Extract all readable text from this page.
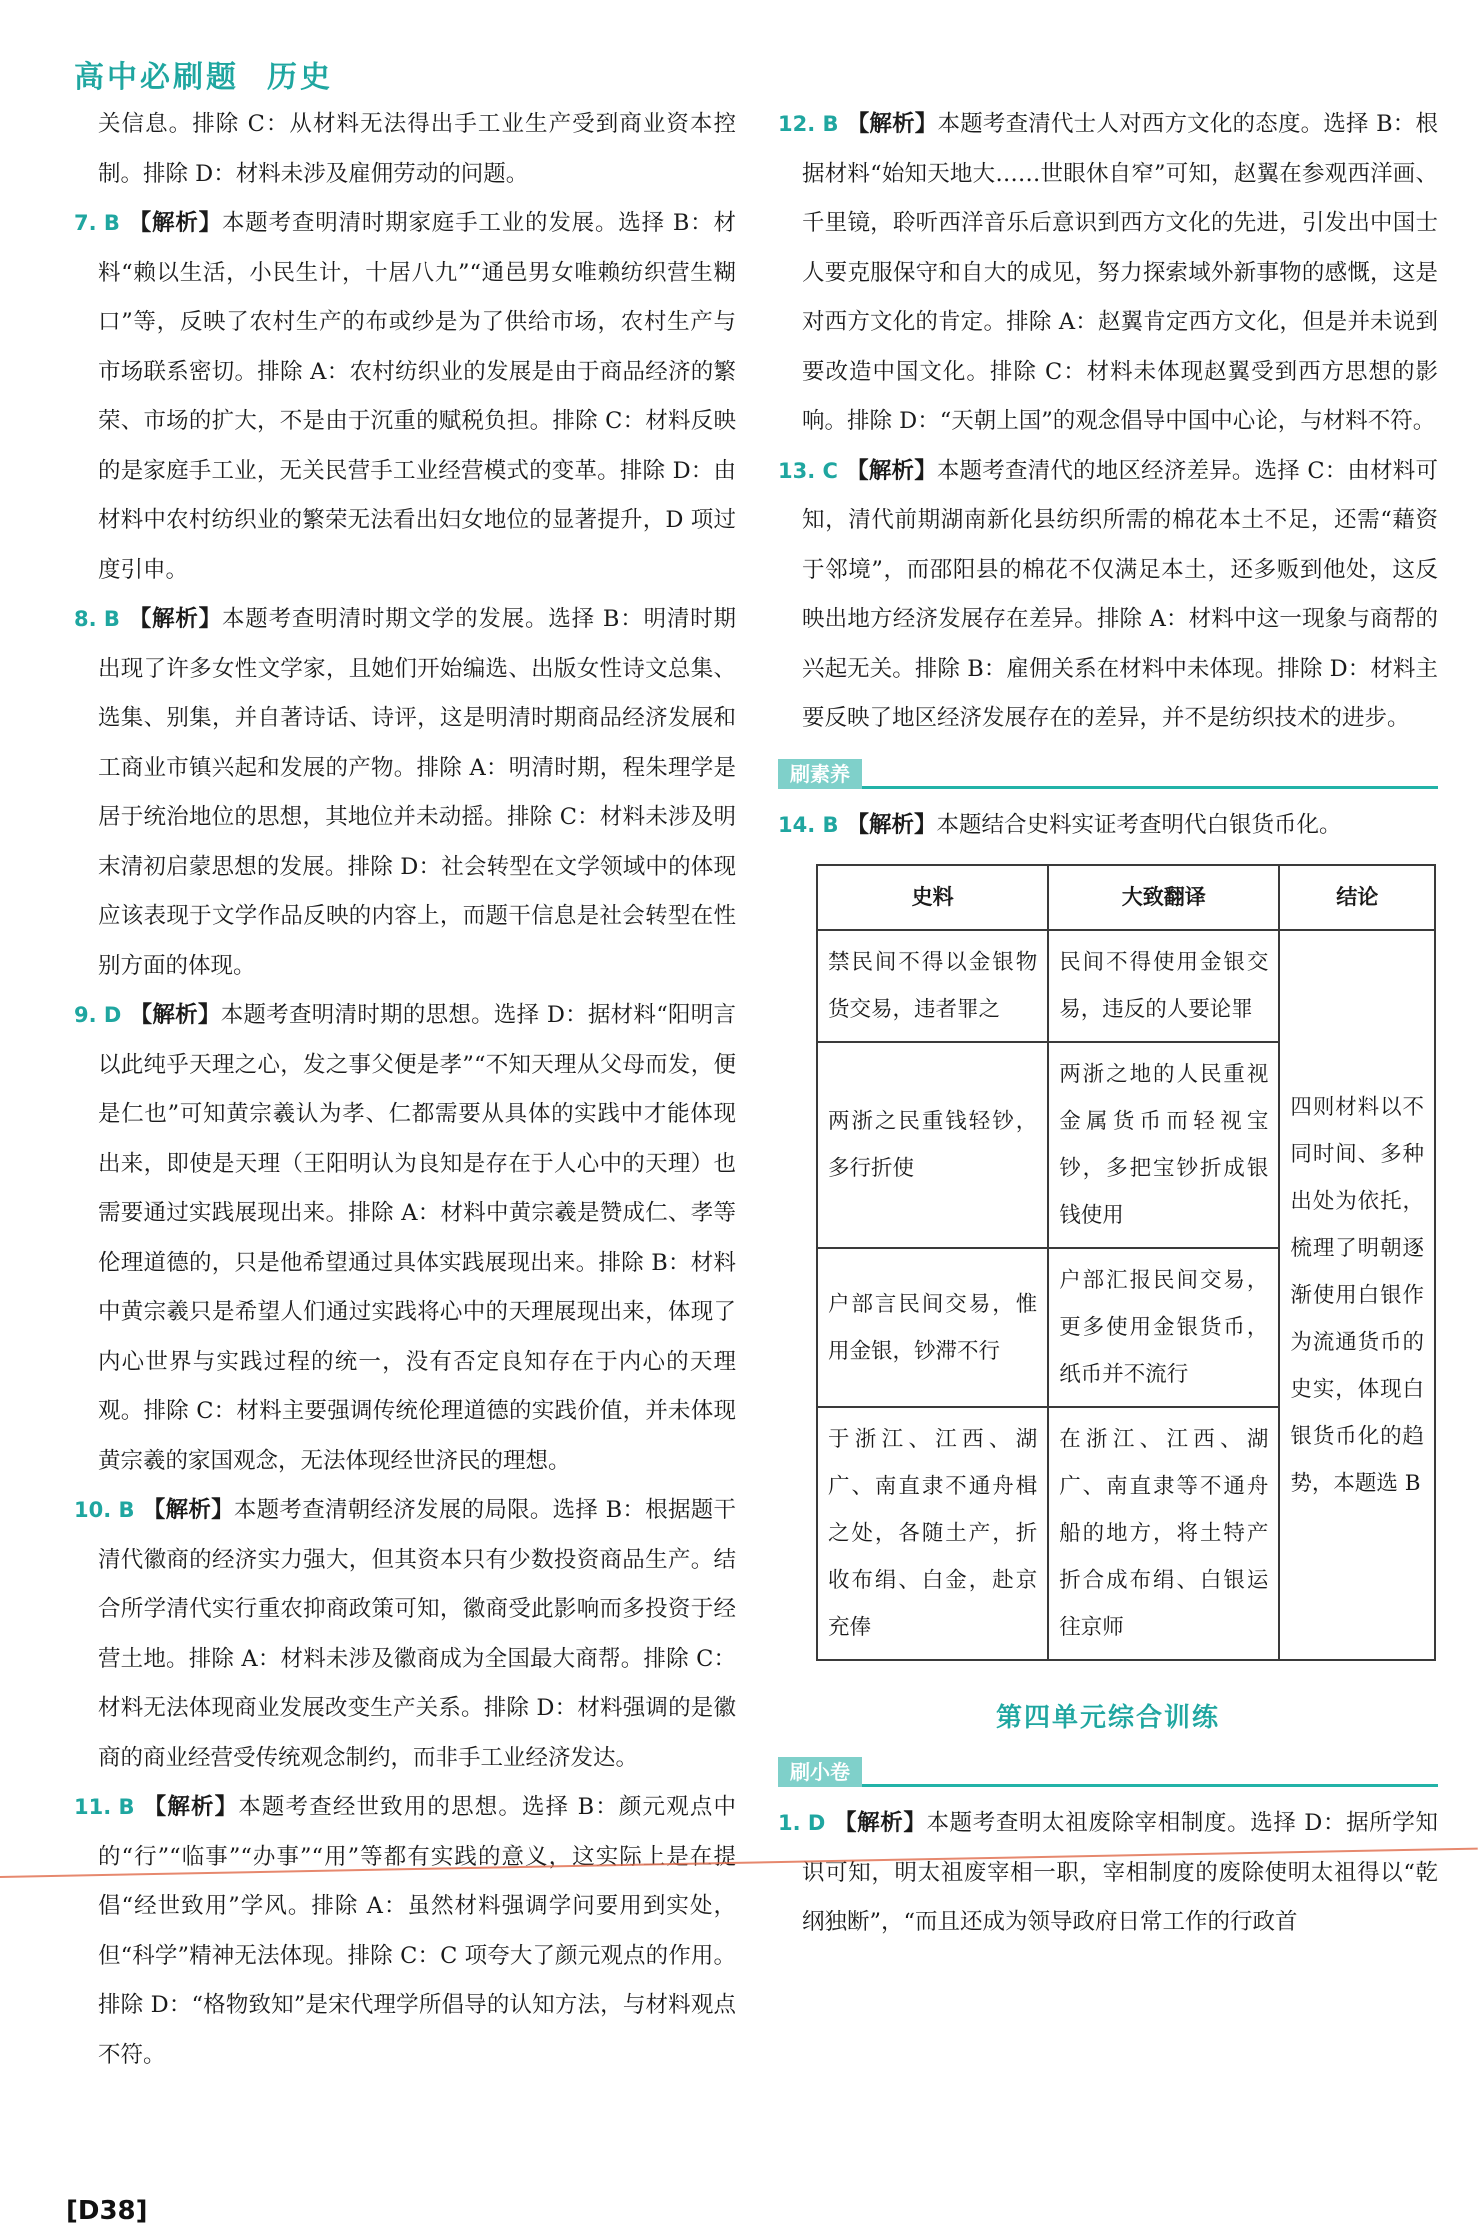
高中必刷题 历史

关信息。排除 C：从材料无法得出手工业生产受到商业资本控制。排除 D：材料未涉及雇佣劳动的问题。

7. B 【解析】本题考查明清时期家庭手工业的发展。选择 B：材料“赖以生活，小民生计，十居八九”“通邑男女唯赖纺织营生糊口”等，反映了农村生产的布或纱是为了供给市场，农村生产与市场联系密切。排除 A：农村纺织业的发展是由于商品经济的繁荣、市场的扩大，不是由于沉重的赋税负担。排除 C：材料反映的是家庭手工业，无关民营手工业经营模式的变革。排除 D：由材料中农村纺织业的繁荣无法看出妇女地位的显著提升，D 项过度引申。

8. B 【解析】本题考查明清时期文学的发展。选择 B：明清时期出现了许多女性文学家，且她们开始编选、出版女性诗文总集、选集、别集，并自著诗话、诗评，这是明清时期商品经济发展和工商业市镇兴起和发展的产物。排除 A：明清时期，程朱理学是居于统治地位的思想，其地位并未动摇。排除 C：材料未涉及明末清初启蒙思想的发展。排除 D：社会转型在文学领域中的体现应该表现于文学作品反映的内容上，而题干信息是社会转型在性别方面的体现。

9. D 【解析】本题考查明清时期的思想。选择 D：据材料“阳明言以此纯乎天理之心，发之事父便是孝”“不知天理从父母而发，便是仁也”可知黄宗羲认为孝、仁都需要从具体的实践中才能体现出来，即使是天理（王阳明认为良知是存在于人心中的天理）也需要通过实践展现出来。排除 A：材料中黄宗羲是赞成仁、孝等伦理道德的，只是他希望通过具体实践展现出来。排除 B：材料中黄宗羲只是希望人们通过实践将心中的天理展现出来，体现了内心世界与实践过程的统一，没有否定良知存在于内心的天理观。排除 C：材料主要强调传统伦理道德的实践价值，并未体现黄宗羲的家国观念，无法体现经世济民的理想。

10. B 【解析】本题考查清朝经济发展的局限。选择 B：根据题干清代徽商的经济实力强大，但其资本只有少数投资商品生产。结合所学清代实行重农抑商政策可知，徽商受此影响而多投资于经营土地。排除 A：材料未涉及徽商成为全国最大商帮。排除 C：材料无法体现商业发展改变生产关系。排除 D：材料强调的是徽商的商业经营受传统观念制约，而非手工业经济发达。

11. B 【解析】本题考查经世致用的思想。选择 B：颜元观点中的“行”“临事”“办事”“用”等都有实践的意义，这实际上是在提倡“经世致用”学风。排除 A：虽然材料强调学问要用到实处，但“科学”精神无法体现。排除 C：C 项夸大了颜元观点的作用。排除 D：“格物致知”是宋代理学所倡导的认知方法，与材料观点不符。

12. B 【解析】本题考查清代士人对西方文化的态度。选择 B：根据材料“始知天地大……世眼休自窄”可知，赵翼在参观西洋画、千里镜，聆听西洋音乐后意识到西方文化的先进，引发出中国士人要克服保守和自大的成见，努力探索域外新事物的感慨，这是对西方文化的肯定。排除 A：赵翼肯定西方文化，但是并未说到要改造中国文化。排除 C：材料未体现赵翼受到西方思想的影响。排除 D：“天朝上国”的观念倡导中国中心论，与材料不符。

13. C 【解析】本题考查清代的地区经济差异。选择 C：由材料可知，清代前期湖南新化县纺织所需的棉花本土不足，还需“藉资于邻境”，而邵阳县的棉花不仅满足本土，还多贩到他处，这反映出地方经济发展存在差异。排除 A：材料中这一现象与商帮的兴起无关。排除 B：雇佣关系在材料中未体现。排除 D：材料主要反映了地区经济发展存在的差异，并不是纺织技术的进步。

刷素养

14. B 【解析】本题结合史料实证考查明代白银货币化。

史料	大致翻译	结论
禁民间不得以金银物货交易，违者罪之	民间不得使用金银交易，违反的人要论罪	四则材料以不同时间、多种出处为依托，梳理了明朝逐渐使用白银作为流通货币的史实，体现白银货币化的趋势，本题选 B
两浙之民重钱轻钞，多行折使	两浙之地的人民重视金属货币而轻视宝钞，多把宝钞折成银钱使用	
户部言民间交易，惟用金银，钞滞不行	户部汇报民间交易，更多使用金银货币，纸币并不流行	
于浙江、江西、湖广、南直隶不通舟楫之处，各随土产，折收布绢、白金，赴京充俸	在浙江、江西、湖广、南直隶等不通舟船的地方，将土特产折合成布绢、白银运往京师	
第四单元综合训练
刷小卷

1. D 【解析】本题考查明太祖废除宰相制度。选择 D：据所学知识可知，明太祖废宰相一职，宰相制度的废除使明太祖得以“乾纲独断”，“而且还成为领导政府日常工作的行政首

[D38]
